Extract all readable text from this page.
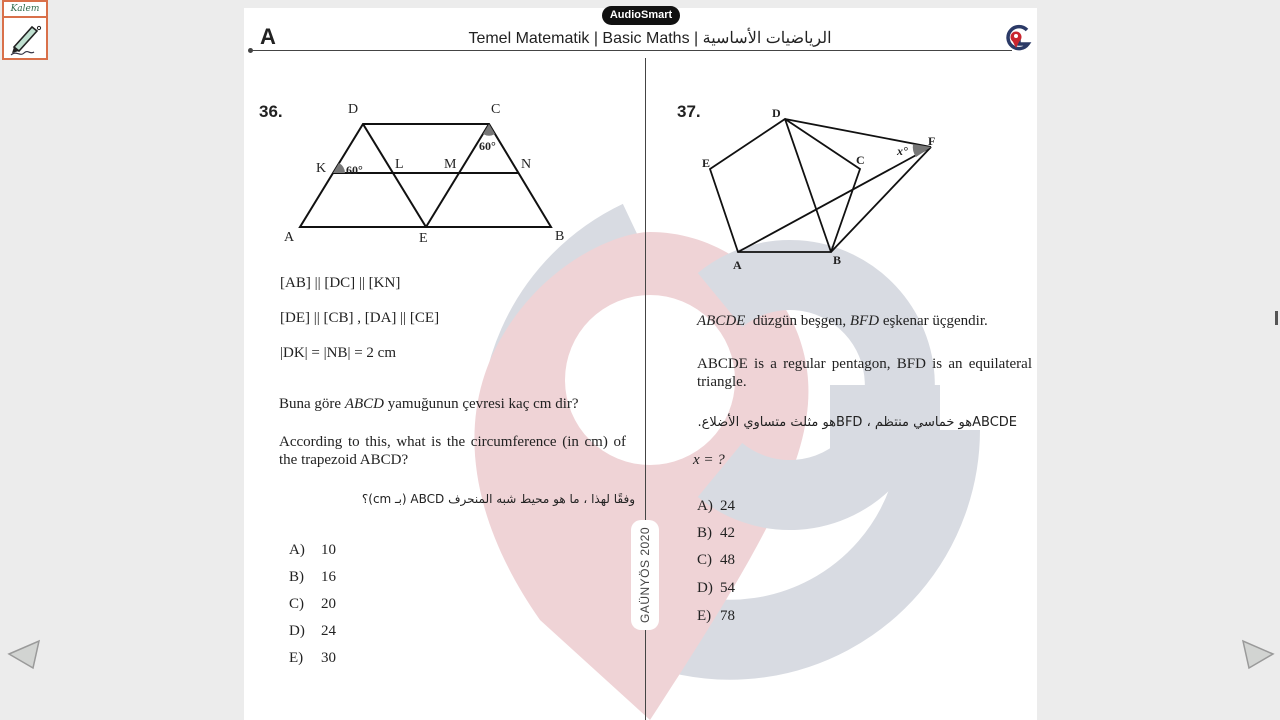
Kalem	AudioSmart
A	Temel Matematik | Basic Maths | الرياضيات الأساسية
GAÜNYÖS 2020
36.	D	C
K 60°
60°
L	M	N
A	E	B
[AB] || [DC] || [KN]
[DE] || [CB] , [DA] || [CE]
|DK| = |NB| = 2 cm
Buna göre ABCD yamuğunun çevresi kaç cm dir?
According to this, what is the circumference (in cm) of the trapezoid ABCD?
وفقًا لهذا ، ما هو محيط شبه المنحرف ABCD (بـ cm)؟
A) 10
B) 16
C) 20
D) 24
E) 30
37.	D
F
x°
E	C
A	B
ABCDE  düzgün beşgen, BFD eşkenar üçgendir.
ABCDE is a regular pentagon, BFD is an equilateral triangle.
ABCDEهو خماسي منتظم ، BFDهو مثلث متساوي الأضلاع.
x = ?
A) 24
B) 42
C) 48
D) 54
E) 78
